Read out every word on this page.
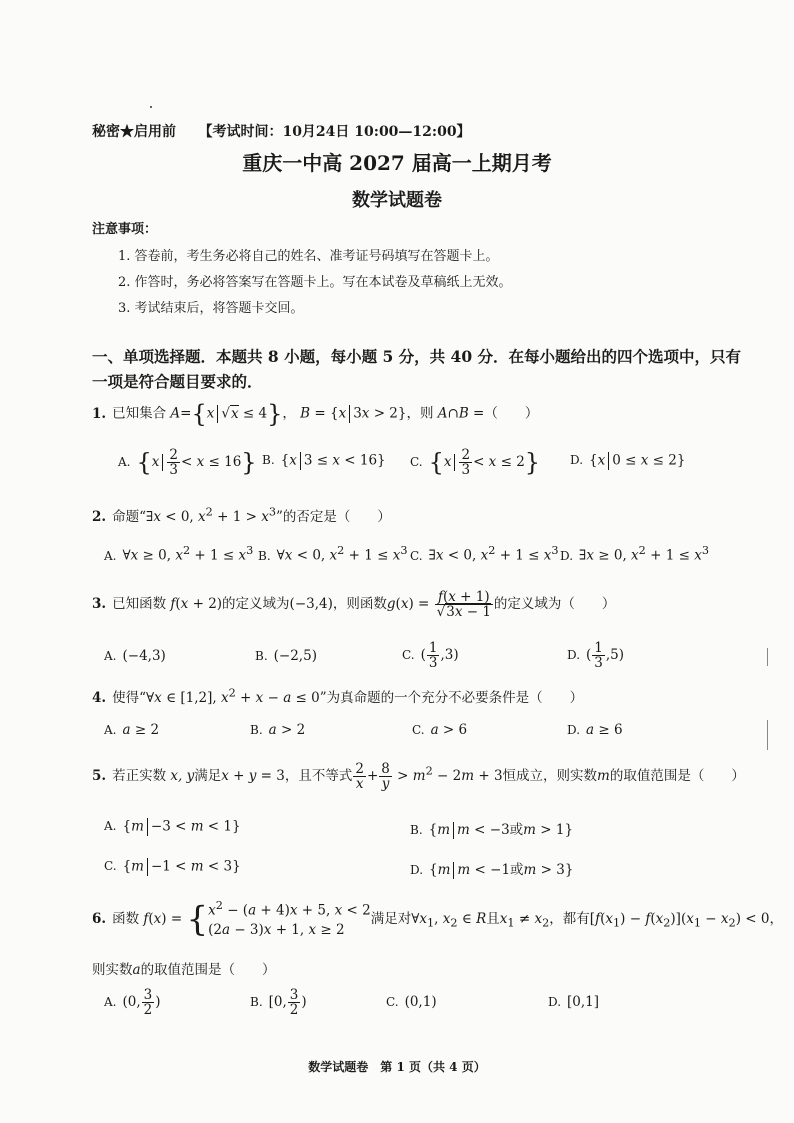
秘密★启用前 【考试时间：10月24日 10:00—12:00】
重庆一中高 2027 届高一上期月考
数学试题卷
注意事项：
1. 答卷前，考生务必将自己的姓名、准考证号码填写在答题卡上。
2. 作答时，务必将答案写在答题卡上。写在本试卷及草稿纸上无效。
3. 考试结束后，将答题卡交回。
一、单项选择题．本题共 8 小题，每小题 5 分，共 40 分．在每小题给出的四个选项中，只有
一项是符合题目要求的．
1. 已知集合 A={x √x ≤ 4}， B = {x 3x > 2}，则 A∩B =（　　）
A. $\{x \frac{2}{3} < x \le 16\}$ B. {x 3 ≤ x < 16} C. $\{x \frac{2}{3} < x \le 2\}$ D. {x 0 ≤ x ≤ 2}
2. 命题“∃x < 0, $x^2 + 1 > x^3$”的否定是（　　）
A. ∀x ≥ 0, $x^2 + 1 \le x^3$ B. ∀x < 0, $x^2 + 1 \le x^3$ C. ∃x < 0, $x^2 + 1 \le x^3$ D. ∃x ≥ 0, $x^2 + 1 \le x^3$
3. 已知函数 f(x + 2)的定义域为(−3,4)，则函数$g(x) = \frac{f(x + 1)}{√3x - 1}$ 的定义域为（　　）
A. (−4,3)	B. (−2,5)	C. ( $\frac{1}{3} ,3$)	D. ( $\frac{1}{3} ,5$)
4. 使得“∀x ∈ [1,2], $x^2 + x - a \le 0$”为真命题的一个充分不必要条件是（　　）
A. a ≥ 2	B. a > 2	C. a > 6	D. a ≥ 6
5. 若正实数 x, y满足x + y = 3，且不等式 $\frac{2}{x} + \frac{8}{y} > m^2 - 2m + 3$恒成立，则实数m的取值范围是（　　）
A. {m −3 < m < 1}	B. {m m < −3或m > 1}
C. {m −1 < m < 3}	D. {m m < −1或m > 3}
6. 函数 f(x) = { $x^2 - (a + 4)x + 5$, x < 2
(2a − 3)x + 1, x ≥ 2
满足对$\forall x_1$, $x_2$ ∈ R且$x_1 \ne x_2$，都有$[f(x_1) - f(x_2)](x_1 - x_2) < 0$，
则实数a的取值范围是（　　）
A. (0, $\frac{3}{2}$ )	B. [0, $\frac{3}{2}$ )	C. (0,1)	D. [0,1]
数学试题卷　第 1 页（共 4 页）
